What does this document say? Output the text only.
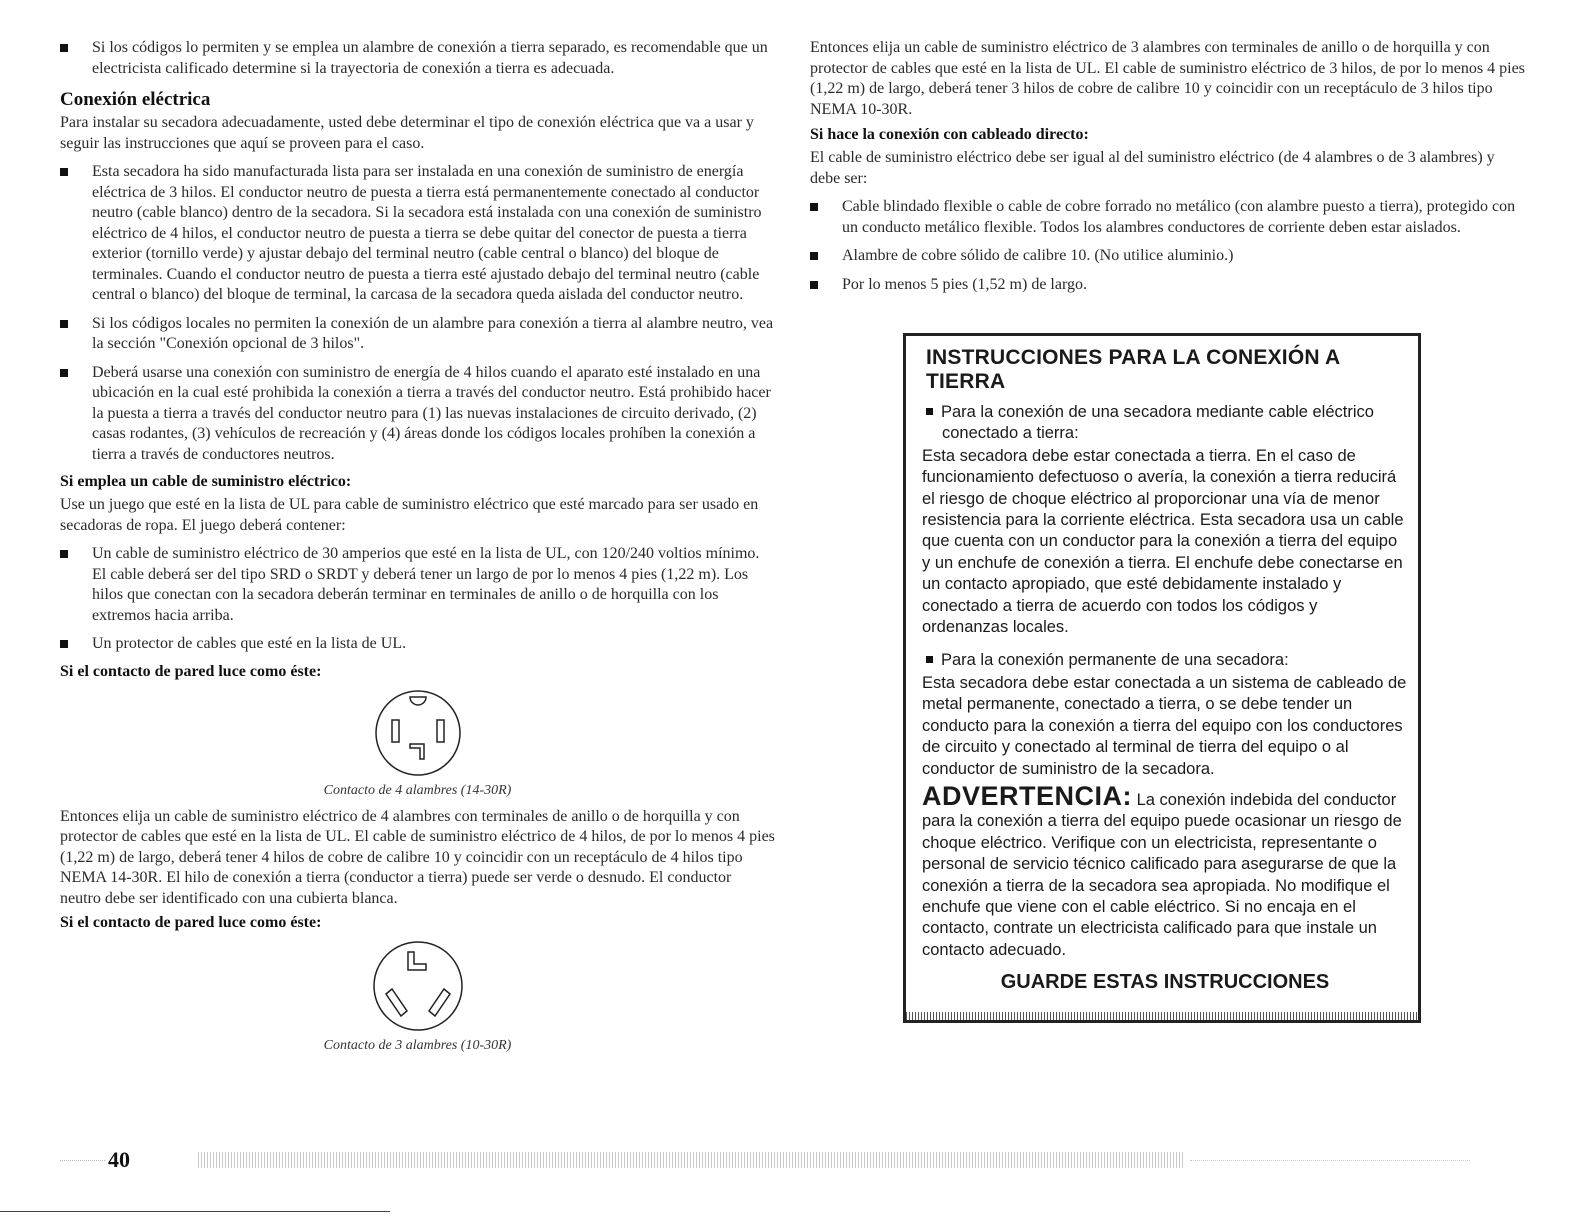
Si los códigos lo permiten y se emplea un alambre de conexión a tierra separado, es recomendable que un electricista calificado determine si la trayectoria de conexión a tierra es adecuada.
Conexión eléctrica

Para instalar su secadora adecuadamente, usted debe determinar el tipo de conexión eléctrica que va a usar y seguir las instrucciones que aquí se proveen para el caso.

Esta secadora ha sido manufacturada lista para ser instalada en una conexión de suministro de energía eléctrica de 3 hilos. El conductor neutro de puesta a tierra está permanentemente conectado al conductor neutro (cable blanco) dentro de la secadora. Si la secadora está instalada con una conexión de suministro eléctrico de 4 hilos, el conductor neutro de puesta a tierra se debe quitar del conector de puesta a tierra exterior (tornillo verde) y ajustar debajo del terminal neutro (cable central o blanco) del bloque de terminales. Cuando el conductor neutro de puesta a tierra esté ajustado debajo del terminal neutro (cable central o blanco) del bloque de terminal, la carcasa de la secadora queda aislada del conductor neutro.
Si los códigos locales no permiten la conexión de un alambre para conexión a tierra al alambre neutro, vea la sección "Conexión opcional de 3 hilos".
Deberá usarse una conexión con suministro de energía de 4 hilos cuando el aparato esté instalado en una ubicación en la cual esté prohibida la conexión a tierra a través del conductor neutro. Está prohibido hacer la puesta a tierra a través del conductor neutro para (1) las nuevas instalaciones de circuito derivado, (2) casas rodantes, (3) vehículos de recreación y (4) áreas donde los códigos locales prohíben la conexión a tierra a través de conductores neutros.
Si emplea un cable de suministro eléctrico:

Use un juego que esté en la lista de UL para cable de suministro eléctrico que esté marcado para ser usado en secadoras de ropa. El juego deberá contener:

Un cable de suministro eléctrico de 30 amperios que esté en la lista de UL, con 120/240 voltios mínimo. El cable deberá ser del tipo SRD o SRDT y deberá tener un largo de por lo menos 4 pies (1,22 m). Los hilos que conectan con la secadora deberán terminar en terminales de anillo o de horquilla con los extremos hacia arriba.
Un protector de cables que esté en la lista de UL.
Si el contacto de pared luce como éste:
Contacto de 4 alambres (14-30R)

Entonces elija un cable de suministro eléctrico de 4 alambres con terminales de anillo o de horquilla y con protector de cables que esté en la lista de UL. El cable de suministro eléctrico de 4 hilos, de por lo menos 4 pies (1,22 m) de largo, deberá tener 4 hilos de cobre de calibre 10 y coincidir con un receptáculo de 4 hilos tipo NEMA 14-30R. El hilo de conexión a tierra (conductor a tierra) puede ser verde o desnudo. El conductor neutro debe ser identificado con una cubierta blanca.

Si el contacto de pared luce como éste:
Contacto de 3 alambres (10-30R)

Entonces elija un cable de suministro eléctrico de 3 alambres con terminales de anillo o de horquilla y con protector de cables que esté en la lista de UL. El cable de suministro eléctrico de 3 hilos, de por lo menos 4 pies (1,22 m) de largo, deberá tener 3 hilos de cobre de calibre 10 y coincidir con un receptáculo de 3 hilos tipo NEMA 10-30R.

Si hace la conexión con cableado directo:

El cable de suministro eléctrico debe ser igual al del suministro eléctrico (de 4 alambres o de 3 alambres) y debe ser:

Cable blindado flexible o cable de cobre forrado no metálico (con alambre puesto a tierra), protegido con un conducto metálico flexible. Todos los alambres conductores de corriente deben estar aislados.
Alambre de cobre sólido de calibre 10. (No utilice aluminio.)
Por lo menos 5 pies (1,52 m) de largo.
INSTRUCCIONES PARA LA CONEXIÓN A TIERRA
Para la conexión de una secadora mediante cable eléctrico conectado a tierra:

Esta secadora debe estar conectada a tierra. En el caso de funcionamiento defectuoso o avería, la conexión a tierra reducirá el riesgo de choque eléctrico al proporcionar una vía de menor resistencia para la corriente eléctrica. Esta secadora usa un cable que cuenta con un conductor para la conexión a tierra del equipo y un enchufe de conexión a tierra. El enchufe debe conectarse en un contacto apropiado, que esté debidamente instalado y conectado a tierra de acuerdo con todos los códigos y ordenanzas locales.

Para la conexión permanente de una secadora:

Esta secadora debe estar conectada a un sistema de cableado de metal permanente, conectado a tierra, o se debe tender un conducto para la conexión a tierra del equipo con los conductores de circuito y conectado al terminal de tierra del equipo o al conductor de suministro de la secadora.

ADVERTENCIA: La conexión indebida del conductor para la conexión a tierra del equipo puede ocasionar un riesgo de choque eléctrico. Verifique con un electricista, representante o personal de servicio técnico calificado para asegurarse de que la conexión a tierra de la secadora sea apropiada. No modifique el enchufe que viene con el cable eléctrico. Si no encaja en el contacto, contrate un electricista calificado para que instale un contacto adecuado.

GUARDE ESTAS INSTRUCCIONES
40
